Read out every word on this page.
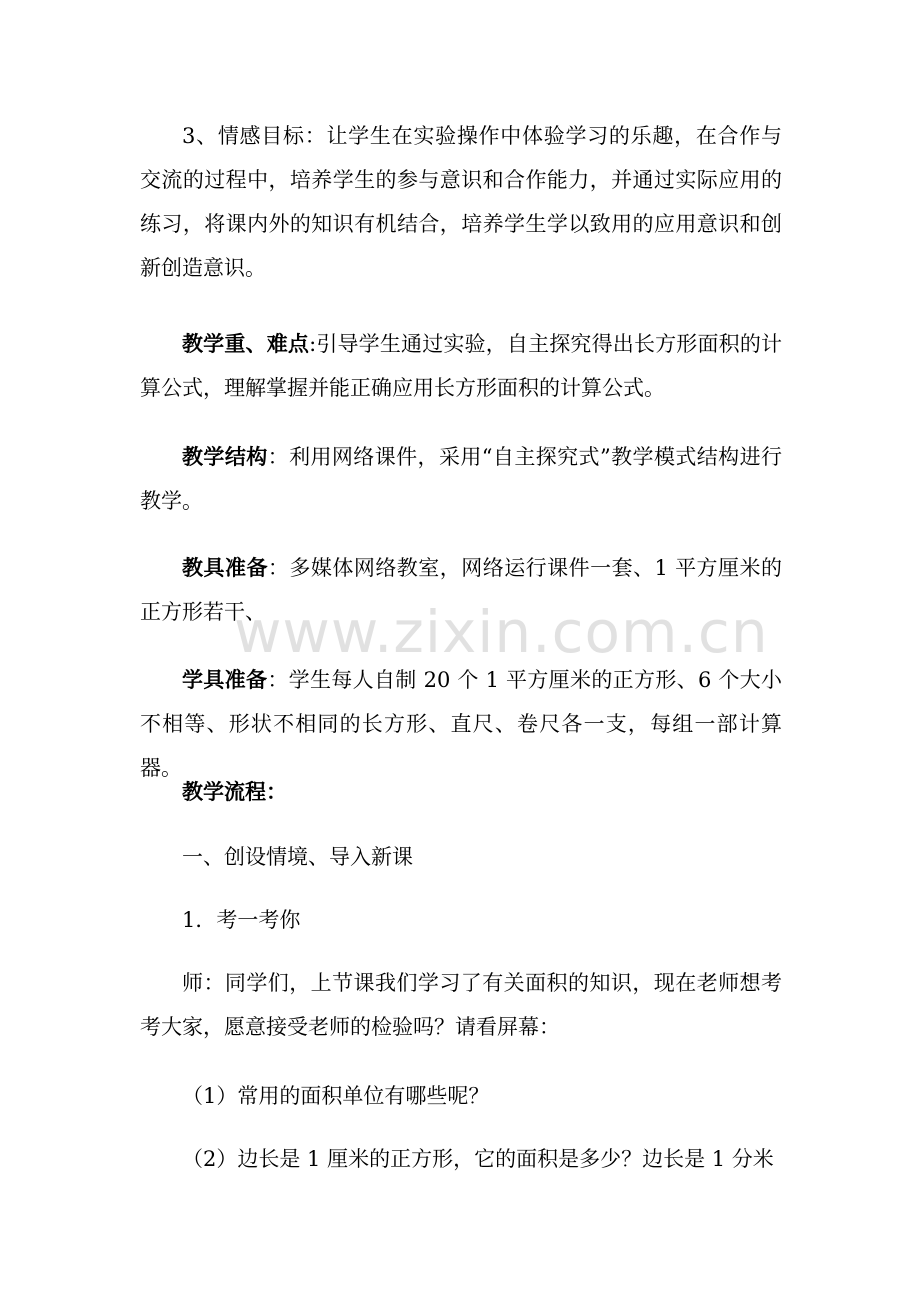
3、情感目标：让学生在实验操作中体验学习的乐趣，在合作与交流的过程中，培养学生的参与意识和合作能力，并通过实际应用的练习，将课内外的知识有机结合，培养学生学以致用的应用意识和创新创造意识。

教学重、难点:引导学生通过实验，自主探究得出长方形面积的计算公式，理解掌握并能正确应用长方形面积的计算公式。

教学结构：利用网络课件，采用“自主探究式”教学模式结构进行教学。

教具准备：多媒体网络教室，网络运行课件一套、1 平方厘米的正方形若干、

学具准备：学生每人自制 20 个 1 平方厘米的正方形、6 个大小不相等、形状不相同的长方形、直尺、卷尺各一支，每组一部计算器。

教学流程：

一、创设情境、导入新课

1．考一考你

师：同学们，上节课我们学习了有关面积的知识，现在老师想考考大家，愿意接受老师的检验吗？请看屏幕：

（1）常用的面积单位有哪些呢？

（2）边长是 1 厘米的正方形，它的面积是多少？边长是 1 分米

www.zixin.com.cn
